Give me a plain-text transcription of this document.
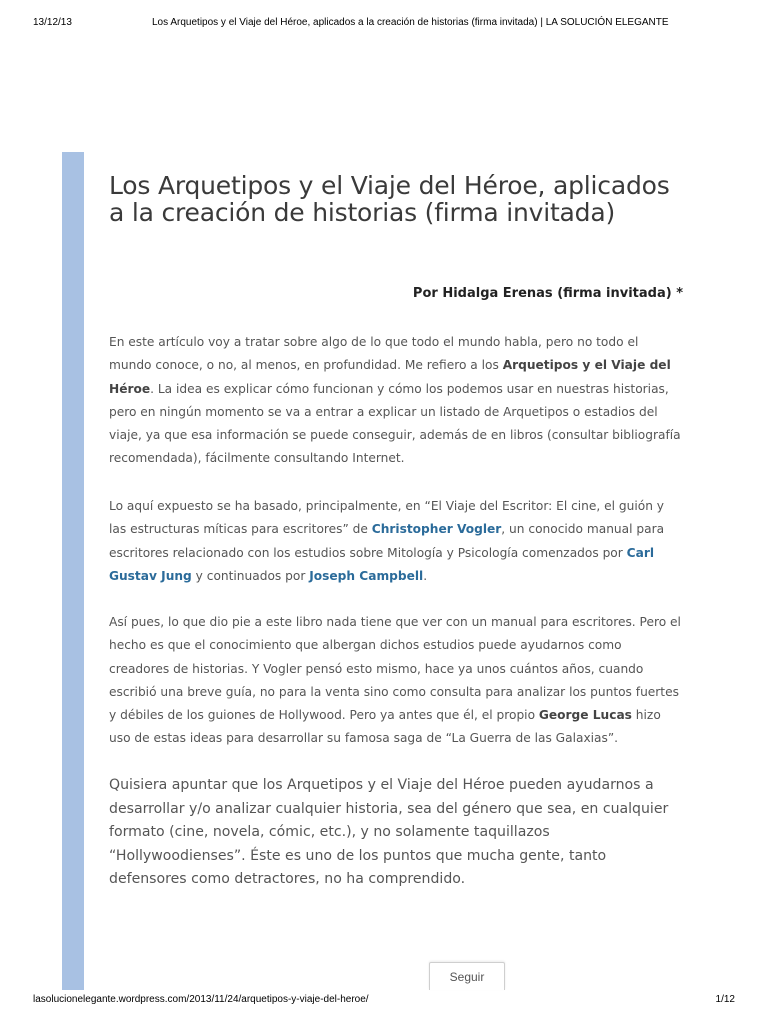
13/12/13	Los Arquetipos y el Viaje del Héroe, aplicados a la creación de historias (firma invitada) | LA SOLUCIÓN ELEGANTE
Los Arquetipos y el Viaje del Héroe, aplicados a la creación de historias (firma invitada)
Por Hidalga Erenas (firma invitada) *

En este artículo voy a tratar sobre algo de lo que todo el mundo habla, pero no todo el mundo conoce, o no, al menos, en profundidad. Me refiero a los Arquetipos y el Viaje del Héroe. La idea es explicar cómo funcionan y cómo los podemos usar en nuestras historias, pero en ningún momento se va a entrar a explicar un listado de Arquetipos o estadios del viaje, ya que esa información se puede conseguir, además de en libros (consultar bibliografía recomendada), fácilmente consultando Internet.

Lo aquí expuesto se ha basado, principalmente, en “El Viaje del Escritor: El cine, el guión y las estructuras míticas para escritores” de Christopher Vogler, un conocido manual para escritores relacionado con los estudios sobre Mitología y Psicología comenzados por Carl Gustav Jung y continuados por Joseph Campbell.

Así pues, lo que dio pie a este libro nada tiene que ver con un manual para escritores. Pero el hecho es que el conocimiento que albergan dichos estudios puede ayudarnos como creadores de historias. Y Vogler pensó esto mismo, hace ya unos cuántos años, cuando escribió una breve guía, no para la venta sino como consulta para analizar los puntos fuertes y débiles de los guiones de Hollywood. Pero ya antes que él, el propio George Lucas hizo uso de estas ideas para desarrollar su famosa saga de “La Guerra de las Galaxias”.

Quisiera apuntar que los Arquetipos y el Viaje del Héroe pueden ayudarnos a desarrollar y/o analizar cualquier historia, sea del género que sea, en cualquier formato (cine, novela, cómic, etc.), y no solamente taquillazos “Hollywoodienses”. Éste es uno de los puntos que mucha gente, tanto defensores como detractores, no ha comprendido.

Seguir
lasolucionelegante.wordpress.com/2013/11/24/arquetipos-y-viaje-del-heroe/	1/12
